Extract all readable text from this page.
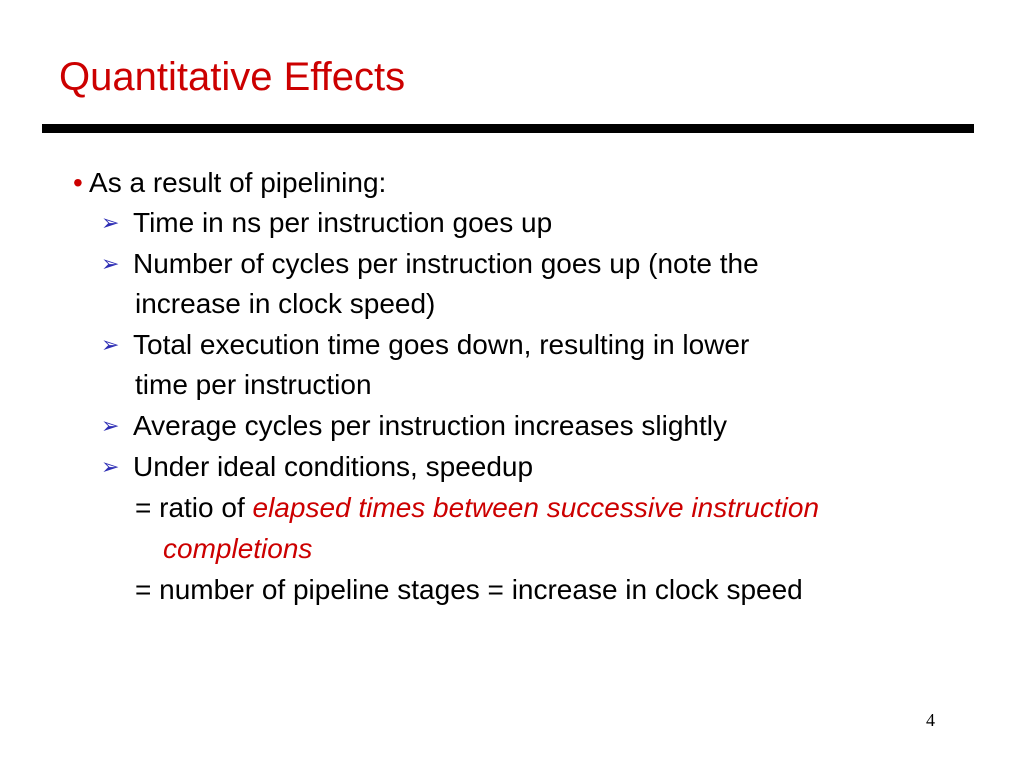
Quantitative Effects
• As a result of pipelining:
➢ Time in ns per instruction goes up
➢ Number of cycles per instruction goes up (note the
increase in clock speed)
➢ Total execution time goes down, resulting in lower
time per instruction
➢ Average cycles per instruction increases slightly
➢ Under ideal conditions, speedup
= ratio of elapsed times between successive instruction
completions
= number of pipeline stages = increase in clock speed
4
